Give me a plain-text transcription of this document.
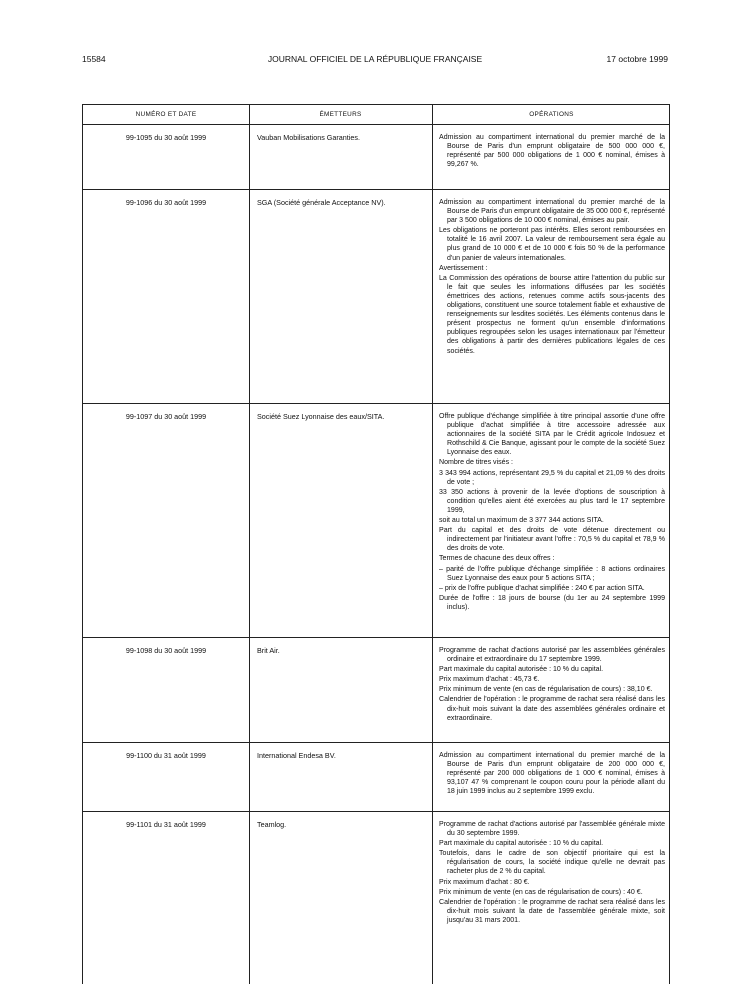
15584	JOURNAL OFFICIEL DE LA RÉPUBLIQUE FRANÇAISE	17 octobre 1999
NUMÉRO ET DATE	ÉMETTEURS	OPÉRATIONS
99-1095 du 30 août 1999	Vauban Mobilisations Garanties.	Admission au compartiment international du premier marché de la Bourse de Paris d'un emprunt obligataire de 500 000 000 €, représenté par 500 000 obligations de 1 000 € nominal, émises à 99,267 %.

99-1096 du 30 août 1999	SGA (Société générale Acceptance NV).	Admission au compartiment international du premier marché de la Bourse de Paris d'un emprunt obligataire de 35 000 000 €, représenté par 3 500 obligations de 10 000 € nominal, émises au pair.

Les obligations ne porteront pas intérêts. Elles seront remboursées en totalité le 16 avril 2007. La valeur de remboursement sera égale au plus grand de 10 000 € et de 10 000 € fois 50 % de la performance d'un panier de valeurs internationales.

Avertissement :

La Commission des opérations de bourse attire l'attention du public sur le fait que seules les informations diffusées par les sociétés émettrices des actions, retenues comme actifs sous-jacents des obligations, constituent une source totalement fiable et exhaustive de renseignements sur lesdites sociétés. Les éléments contenus dans le présent prospectus ne forment qu'un ensemble d'informations publiques regroupées selon les usages internationaux par l'émetteur des obligations à partir des dernières publications légales de ces sociétés.

99-1097 du 30 août 1999	Société Suez Lyonnaise des eaux/SITA.	Offre publique d'échange simplifiée à titre principal assortie d'une offre publique d'achat simplifiée à titre accessoire adressée aux actionnaires de la société SITA par le Crédit agricole Indosuez et Rothschild & Cie Banque, agissant pour le compte de la société Suez Lyonnaise des eaux.

Nombre de titres visés :

3 343 994 actions, représentant 29,5 % du capital et 21,09 % des droits de vote ;

33 350 actions à provenir de la levée d'options de souscription à condition qu'elles aient été exercées au plus tard le 17 septembre 1999,

soit au total un maximum de 3 377 344 actions SITA.

Part du capital et des droits de vote détenue directement ou indirectement par l'initiateur avant l'offre : 70,5 % du capital et 78,9 % des droits de vote.

Termes de chacune des deux offres :

– parité de l'offre publique d'échange simplifiée : 8 actions ordinaires Suez Lyonnaise des eaux pour 5 actions SITA ;

– prix de l'offre publique d'achat simplifiée : 240 € par action SITA.

Durée de l'offre : 18 jours de bourse (du 1er au 24 septembre 1999 inclus).

99-1098 du 30 août 1999	Brit Air.	Programme de rachat d'actions autorisé par les assemblées générales ordinaire et extraordinaire du 17 septembre 1999.

Part maximale du capital autorisée : 10 % du capital.

Prix maximum d'achat : 45,73 €.

Prix minimum de vente (en cas de régularisation de cours) : 38,10 €.

Calendrier de l'opération : le programme de rachat sera réalisé dans les dix-huit mois suivant la date des assemblées générales ordinaire et extraordinaire.

99-1100 du 31 août 1999	International Endesa BV.	Admission au compartiment international du premier marché de la Bourse de Paris d'un emprunt obligataire de 200 000 000 €, représenté par 200 000 obligations de 1 000 € nominal, émises à 93,107 47 % comprenant le coupon couru pour la période allant du 18 juin 1999 inclus au 2 septembre 1999 exclu.

99-1101 du 31 août 1999	Teamlog.	Programme de rachat d'actions autorisé par l'assemblée générale mixte du 30 septembre 1999.

Part maximale du capital autorisée : 10 % du capital.

Toutefois, dans le cadre de son objectif prioritaire qui est la régularisation de cours, la société indique qu'elle ne devrait pas racheter plus de 2 % du capital.

Prix maximum d'achat : 80 €.

Prix minimum de vente (en cas de régularisation de cours) : 40 €.

Calendrier de l'opération : le programme de rachat sera réalisé dans les dix-huit mois suivant la date de l'assemblée générale mixte, soit jusqu'au 31 mars 2001.
